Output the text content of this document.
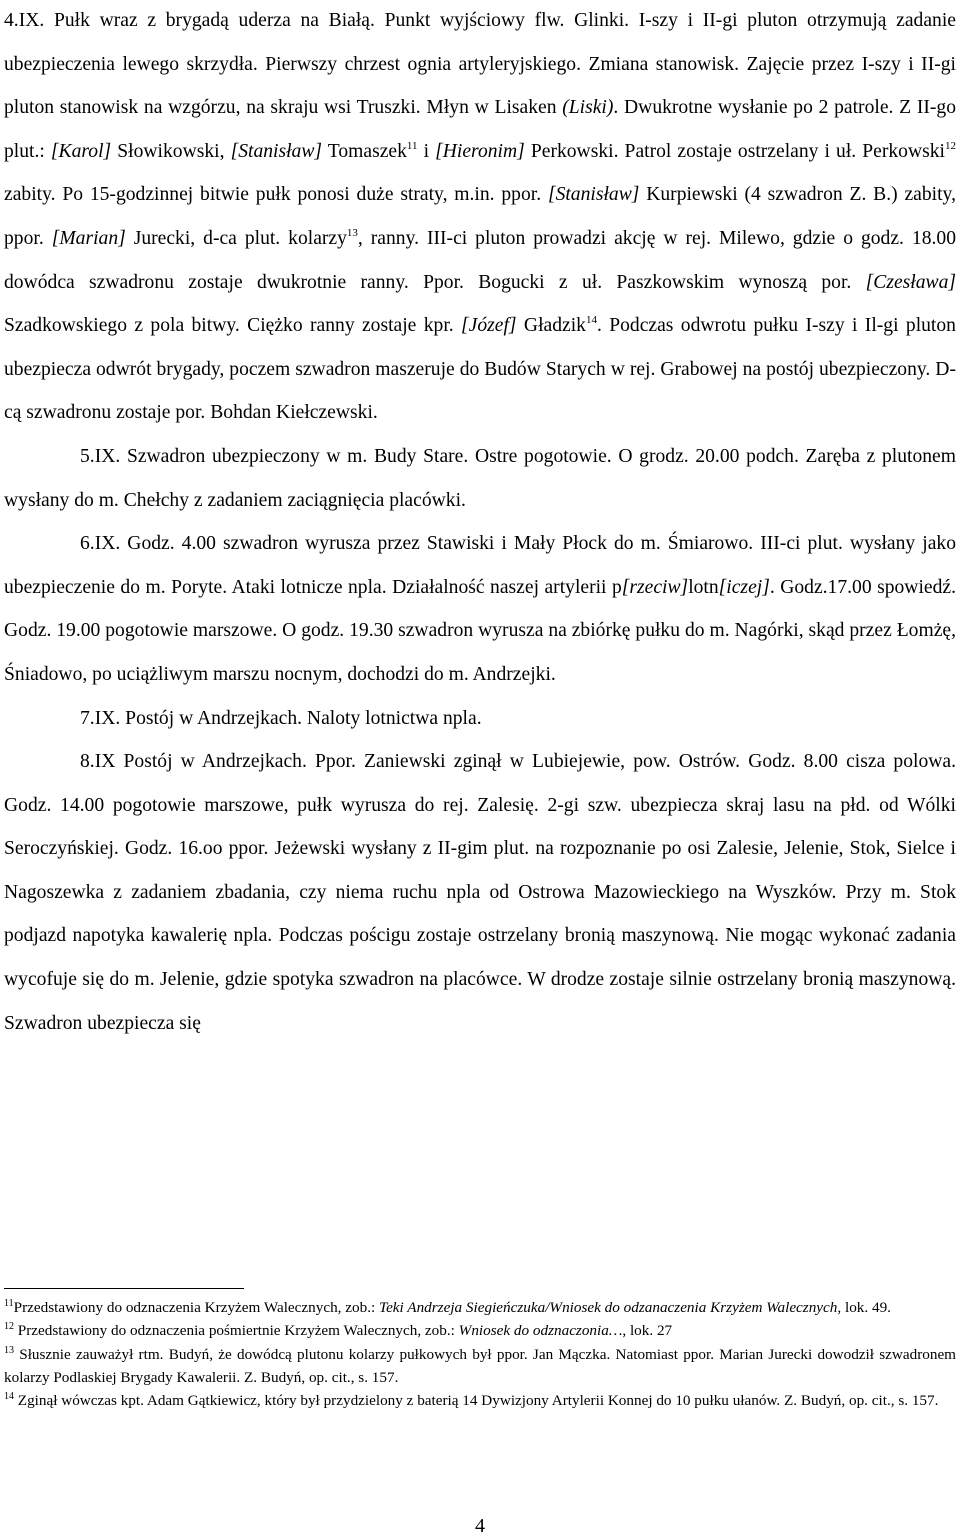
4.IX. Pułk wraz z brygadą uderza na Białą. Punkt wyjściowy flw. Glinki. I-szy i II-gi pluton otrzymują zadanie ubezpieczenia lewego skrzydła. Pierwszy chrzest ognia artyleryjskiego. Zmiana stanowisk. Zajęcie przez I-szy i II-gi pluton stanowisk na wzgórzu, na skraju wsi Truszki. Młyn w Lisaken (Liski). Dwukrotne wysłanie po 2 patrole. Z II-go plut.: [Karol] Słowikowski, [Stanisław] Tomaszek$^{11}$ i [Hieronim] Perkowski. Patrol zostaje ostrzelany i uł. Perkowski$^{12}$ zabity. Po 15-godzinnej bitwie pułk ponosi duże straty, m.in. ppor. [Stanisław] Kurpiewski (4 szwadron Z. B.) zabity, ppor. [Marian] Jurecki, d-ca plut. kolarzy$^{13}$, ranny. III-ci pluton prowadzi akcję w rej. Milewo, gdzie o godz. 18.00 dowódca szwadronu zostaje dwukrotnie ranny. Ppor. Bogucki z uł. Paszkowskim wynoszą por. [Czesława] Szadkowskiego z pola bitwy. Ciężko ranny zostaje kpr. [Józef] Gładzik$^{14}$. Podczas odwrotu pułku I-szy i Il-gi pluton ubezpiecza odwrót brygady, poczem szwadron maszeruje do Budów Starych w rej. Grabowej na postój ubezpieczony. D-cą szwadronu zostaje por. Bohdan Kiełczewski.

5.IX. Szwadron ubezpieczony w m. Budy Stare. Ostre pogotowie. O grodz. 20.00 podch. Zaręba z plutonem wysłany do m. Chełchy z zadaniem zaciągnięcia placówki.

6.IX. Godz. 4.00 szwadron wyrusza przez Stawiski i Mały Płock do m. Śmiarowo. III-ci plut. wysłany jako ubezpieczenie do m. Poryte. Ataki lotnicze npla. Działalność naszej artylerii p[rzeciw]lotn[iczej]. Godz.17.00 spowiedź. Godz. 19.00 pogotowie marszowe. O godz. 19.30 szwadron wyrusza na zbiórkę pułku do m. Nagórki, skąd przez Łomżę, Śniadowo, po uciążliwym marszu nocnym, dochodzi do m. Andrzejki.

7.IX. Postój w Andrzejkach. Naloty lotnictwa npla.

8.IX Postój w Andrzejkach. Ppor. Zaniewski zginął w Lubiejewie, pow. Ostrów. Godz. 8.00 cisza polowa. Godz. 14.00 pogotowie marszowe, pułk wyrusza do rej. Zalesię. 2-gi szw. ubezpiecza skraj lasu na płd. od Wólki Seroczyńskiej. Godz. 16.oo ppor. Jeżewski wysłany z II-gim plut. na rozpoznanie po osi Zalesie, Jelenie, Stok, Sielce i Nagoszewka z zadaniem zbadania, czy niema ruchu npla od Ostrowa Mazowieckiego na Wyszków. Przy m. Stok podjazd napotyka kawalerię npla. Podczas pościgu zostaje ostrzelany bronią maszynową. Nie mogąc wykonać zadania wycofuje się do m. Jelenie, gdzie spotyka szwadron na placówce. W drodze zostaje silnie ostrzelany bronią maszynową. Szwadron ubezpiecza się

$^{11}$Przedstawiony do odznaczenia Krzyżem Walecznych, zob.: Teki Andrzeja Siegieńczuka/Wniosek do odzanaczenia Krzyżem Walecznych, lok. 49.

$^{12}$ Przedstawiony do odznaczenia pośmiertnie Krzyżem Walecznych, zob.: Wniosek do odznaczonia…, lok. 27

$^{13}$ Słusznie zauważył rtm. Budyń, że dowódcą plutonu kolarzy pułkowych był ppor. Jan Mączka. Natomiast ppor. Marian Jurecki dowodził szwadronem kolarzy Podlaskiej Brygady Kawalerii. Z. Budyń, op. cit., s. 157.

$^{14}$ Zginął wówczas kpt. Adam Gątkiewicz, który był przydzielony z baterią 14 Dywizjony Artylerii Konnej do 10 pułku ułanów. Z. Budyń, op. cit., s. 157.

4
